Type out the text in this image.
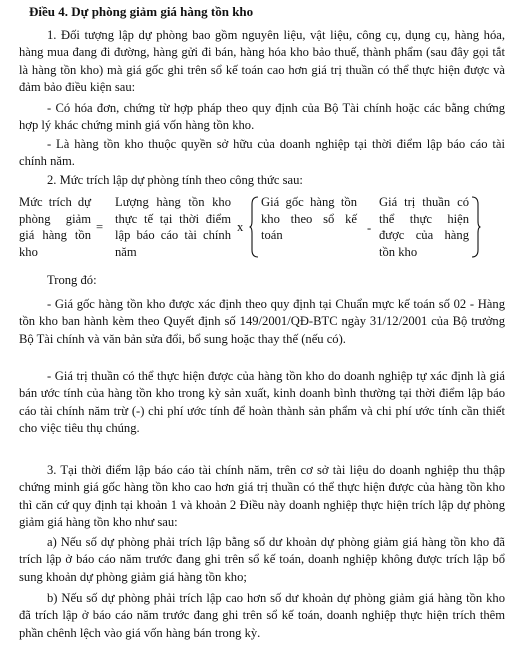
Điều 4. Dự phòng giảm giá hàng tồn kho

1. Đối tượng lập dự phòng bao gồm nguyên liệu, vật liệu, công cụ, dụng cụ, hàng hóa, hàng mua đang đi đường, hàng gửi đi bán, hàng hóa kho bảo thuế, thành phẩm (sau đây gọi tắt là hàng tồn kho) mà giá gốc ghi trên sổ kế toán cao hơn giá trị thuần có thể thực hiện được và đảm bảo điều kiện sau:

- Có hóa đơn, chứng từ hợp pháp theo quy định của Bộ Tài chính hoặc các bằng chứng hợp lý khác chứng minh giá vốn hàng tồn kho.

- Là hàng tồn kho thuộc quyền sở hữu của doanh nghiệp tại thời điểm lập báo cáo tài chính năm.

2. Mức trích lập dự phòng tính theo công thức sau:

Mức trích dự phòng giảm giá hàng tồn kho
=
Lượng hàng tồn kho thực tế tại thời điểm lập báo cáo tài chính năm
x
Giá gốc hàng tồn kho theo sổ kế toán
-
Giá trị thuần có thể thực hiện được của hàng tồn kho

Trong đó:

- Giá gốc hàng tồn kho được xác định theo quy định tại Chuẩn mực kế toán số 02 - Hàng tồn kho ban hành kèm theo Quyết định số 149/2001/QĐ-BTC ngày 31/12/2001 của Bộ trưởng Bộ Tài chính và văn bản sửa đổi, bổ sung hoặc thay thế (nếu có).

- Giá trị thuần có thể thực hiện được của hàng tồn kho do doanh nghiệp tự xác định là giá bán ước tính của hàng tồn kho trong kỳ sản xuất, kinh doanh bình thường tại thời điểm lập báo cáo tài chính năm trừ (-) chi phí ước tính để hoàn thành sản phẩm và chi phí ước tính cần thiết cho việc tiêu thụ chúng.

3. Tại thời điểm lập báo cáo tài chính năm, trên cơ sở tài liệu do doanh nghiệp thu thập chứng minh giá gốc hàng tồn kho cao hơn giá trị thuần có thể thực hiện được của hàng tồn kho thì căn cứ quy định tại khoản 1 và khoản 2 Điều này doanh nghiệp thực hiện trích lập dự phòng giảm giá hàng tồn kho như sau:

a) Nếu số dự phòng phải trích lập bằng số dư khoản dự phòng giảm giá hàng tồn kho đã trích lập ở báo cáo năm trước đang ghi trên sổ kế toán, doanh nghiệp không được trích lập bổ sung khoản dự phòng giảm giá hàng tồn kho;

b) Nếu số dự phòng phải trích lập cao hơn số dư khoản dự phòng giảm giá hàng tồn kho đã trích lập ở báo cáo năm trước đang ghi trên sổ kế toán, doanh nghiệp thực hiện trích thêm phần chênh lệch vào giá vốn hàng bán trong kỳ.
